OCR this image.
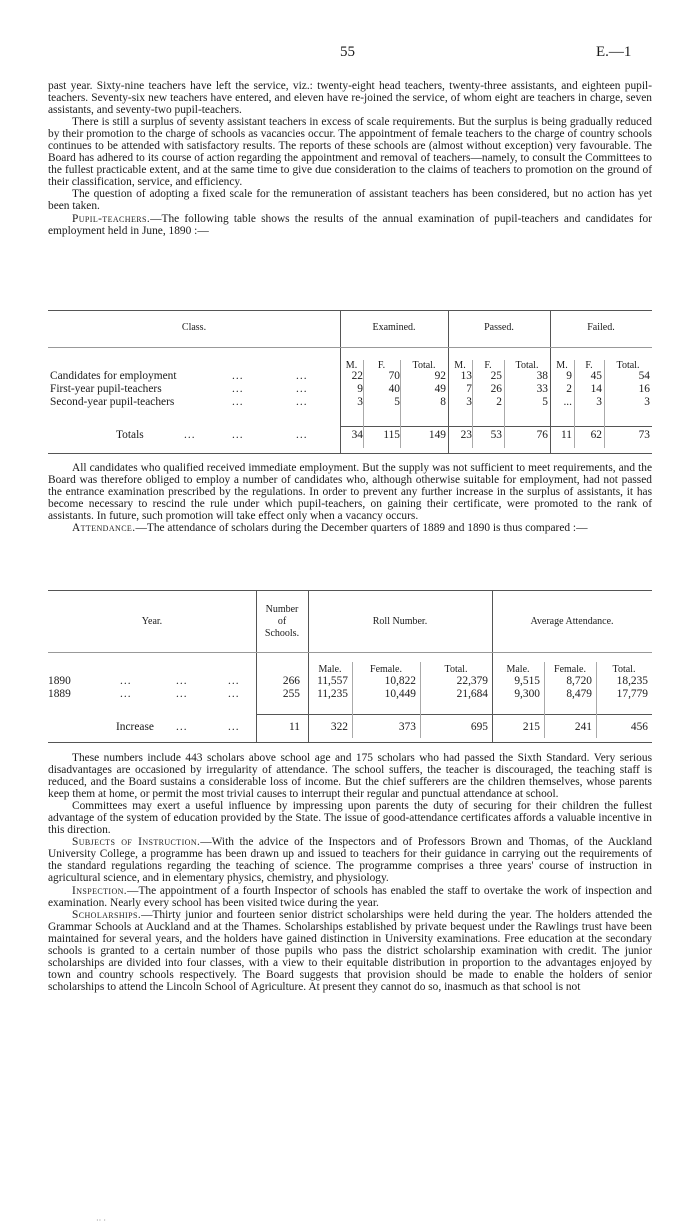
55	E.—1

past year. Sixty-nine teachers have left the service, viz.: twenty-eight head teachers, twenty-three assistants, and eighteen pupil-teachers. Seventy-six new teachers have entered, and eleven have re-joined the service, of whom eight are teachers in charge, seven assistants, and seventy-two pupil-teachers.

There is still a surplus of seventy assistant teachers in excess of scale requirements. But the surplus is being gradually reduced by their promotion to the charge of schools as vacancies occur. The appointment of female teachers to the charge of country schools continues to be attended with satisfactory results. The reports of these schools are (almost without exception) very favourable. The Board has adhered to its course of action regarding the appointment and removal of teachers—namely, to consult the Committees to the fullest practicable extent, and at the same time to give due consideration to the claims of teachers to promotion on the ground of their classification, service, and efficiency.

The question of adopting a fixed scale for the remuneration of assistant teachers has been considered, but no action has yet been taken.

Pupil-teachers.—The following table shows the results of the annual examination of pupil-teachers and candidates for employment held in June, 1890 :—

Class.	Examined.	Passed.	Failed.
M.	F.	Total.	M.	F.	Total.	M.	F.	Total.
Candidates for employment	...	...	22	70	92	13	25	38	9	45	54
First-year pupil-teachers	...	...	9	40	49	7	26	33	2	14	16
Second-year pupil-teachers	...	...	3	5	8	3	2	5	...	3	3
Totals	...	...	...	34	115	149	23	53	76	11	62	73

All candidates who qualified received immediate employment. But the supply was not sufficient to meet requirements, and the Board was therefore obliged to employ a number of candidates who, although otherwise suitable for employment, had not passed the entrance examination prescribed by the regulations. In order to prevent any further increase in the surplus of assistants, it has become necessary to rescind the rule under which pupil-teachers, on gaining their certificate, were promoted to the rank of assistants. In future, such promotion will take effect only when a vacancy occurs.

Attendance.—The attendance of scholars during the December quarters of 1889 and 1890 is thus compared :—

Year.
Number
of
Schools.
Roll Number.	Average Attendance.
Male.	Female.	Total.	Male.	Female.	Total.
1890	...	...	...	266	11,557	10,822	22,379	9,515	8,720	18,235
1889	...	...	...	255	11,235	10,449	21,684	9,300	8,479	17,779
Increase ...	...	11	322	373	695	215	241	456

These numbers include 443 scholars above school age and 175 scholars who had passed the Sixth Standard. Very serious disadvantages are occasioned by irregularity of attendance. The school suffers, the teacher is discouraged, the teaching staff is reduced, and the Board sustains a considerable loss of income. But the chief sufferers are the children themselves, whose parents keep them at home, or permit the most trivial causes to interrupt their regular and punctual attendance at school.

Committees may exert a useful influence by impressing upon parents the duty of securing for their children the fullest advantage of the system of education provided by the State. The issue of good-attendance certificates affords a valuable incentive in this direction.

Subjects of Instruction.—With the advice of the Inspectors and of Professors Brown and Thomas, of the Auckland University College, a programme has been drawn up and issued to teachers for their guidance in carrying out the requirements of the standard regulations regarding the teaching of science. The programme comprises a three years' course of instruction in agricultural science, and in elementary physics, chemistry, and physiology.

Inspection.—The appointment of a fourth Inspector of schools has enabled the staff to overtake the work of inspection and examination. Nearly every school has been visited twice during the year.

Scholarships.—Thirty junior and fourteen senior district scholarships were held during the year. The holders attended the Grammar Schools at Auckland and at the Thames. Scholarships established by private bequest under the Rawlings trust have been maintained for several years, and the holders have gained distinction in University examinations. Free education at the secondary schools is granted to a certain number of those pupils who pass the district scholarship examination with credit. The junior scholarships are divided into four classes, with a view to their equitable distribution in proportion to the advantages enjoyed by town and country schools respectively. The Board suggests that provision should be made to enable the holders of senior scholarships to attend the Lincoln School of Agriculture. At present they cannot do so, inasmuch as that school is not

·· ·
